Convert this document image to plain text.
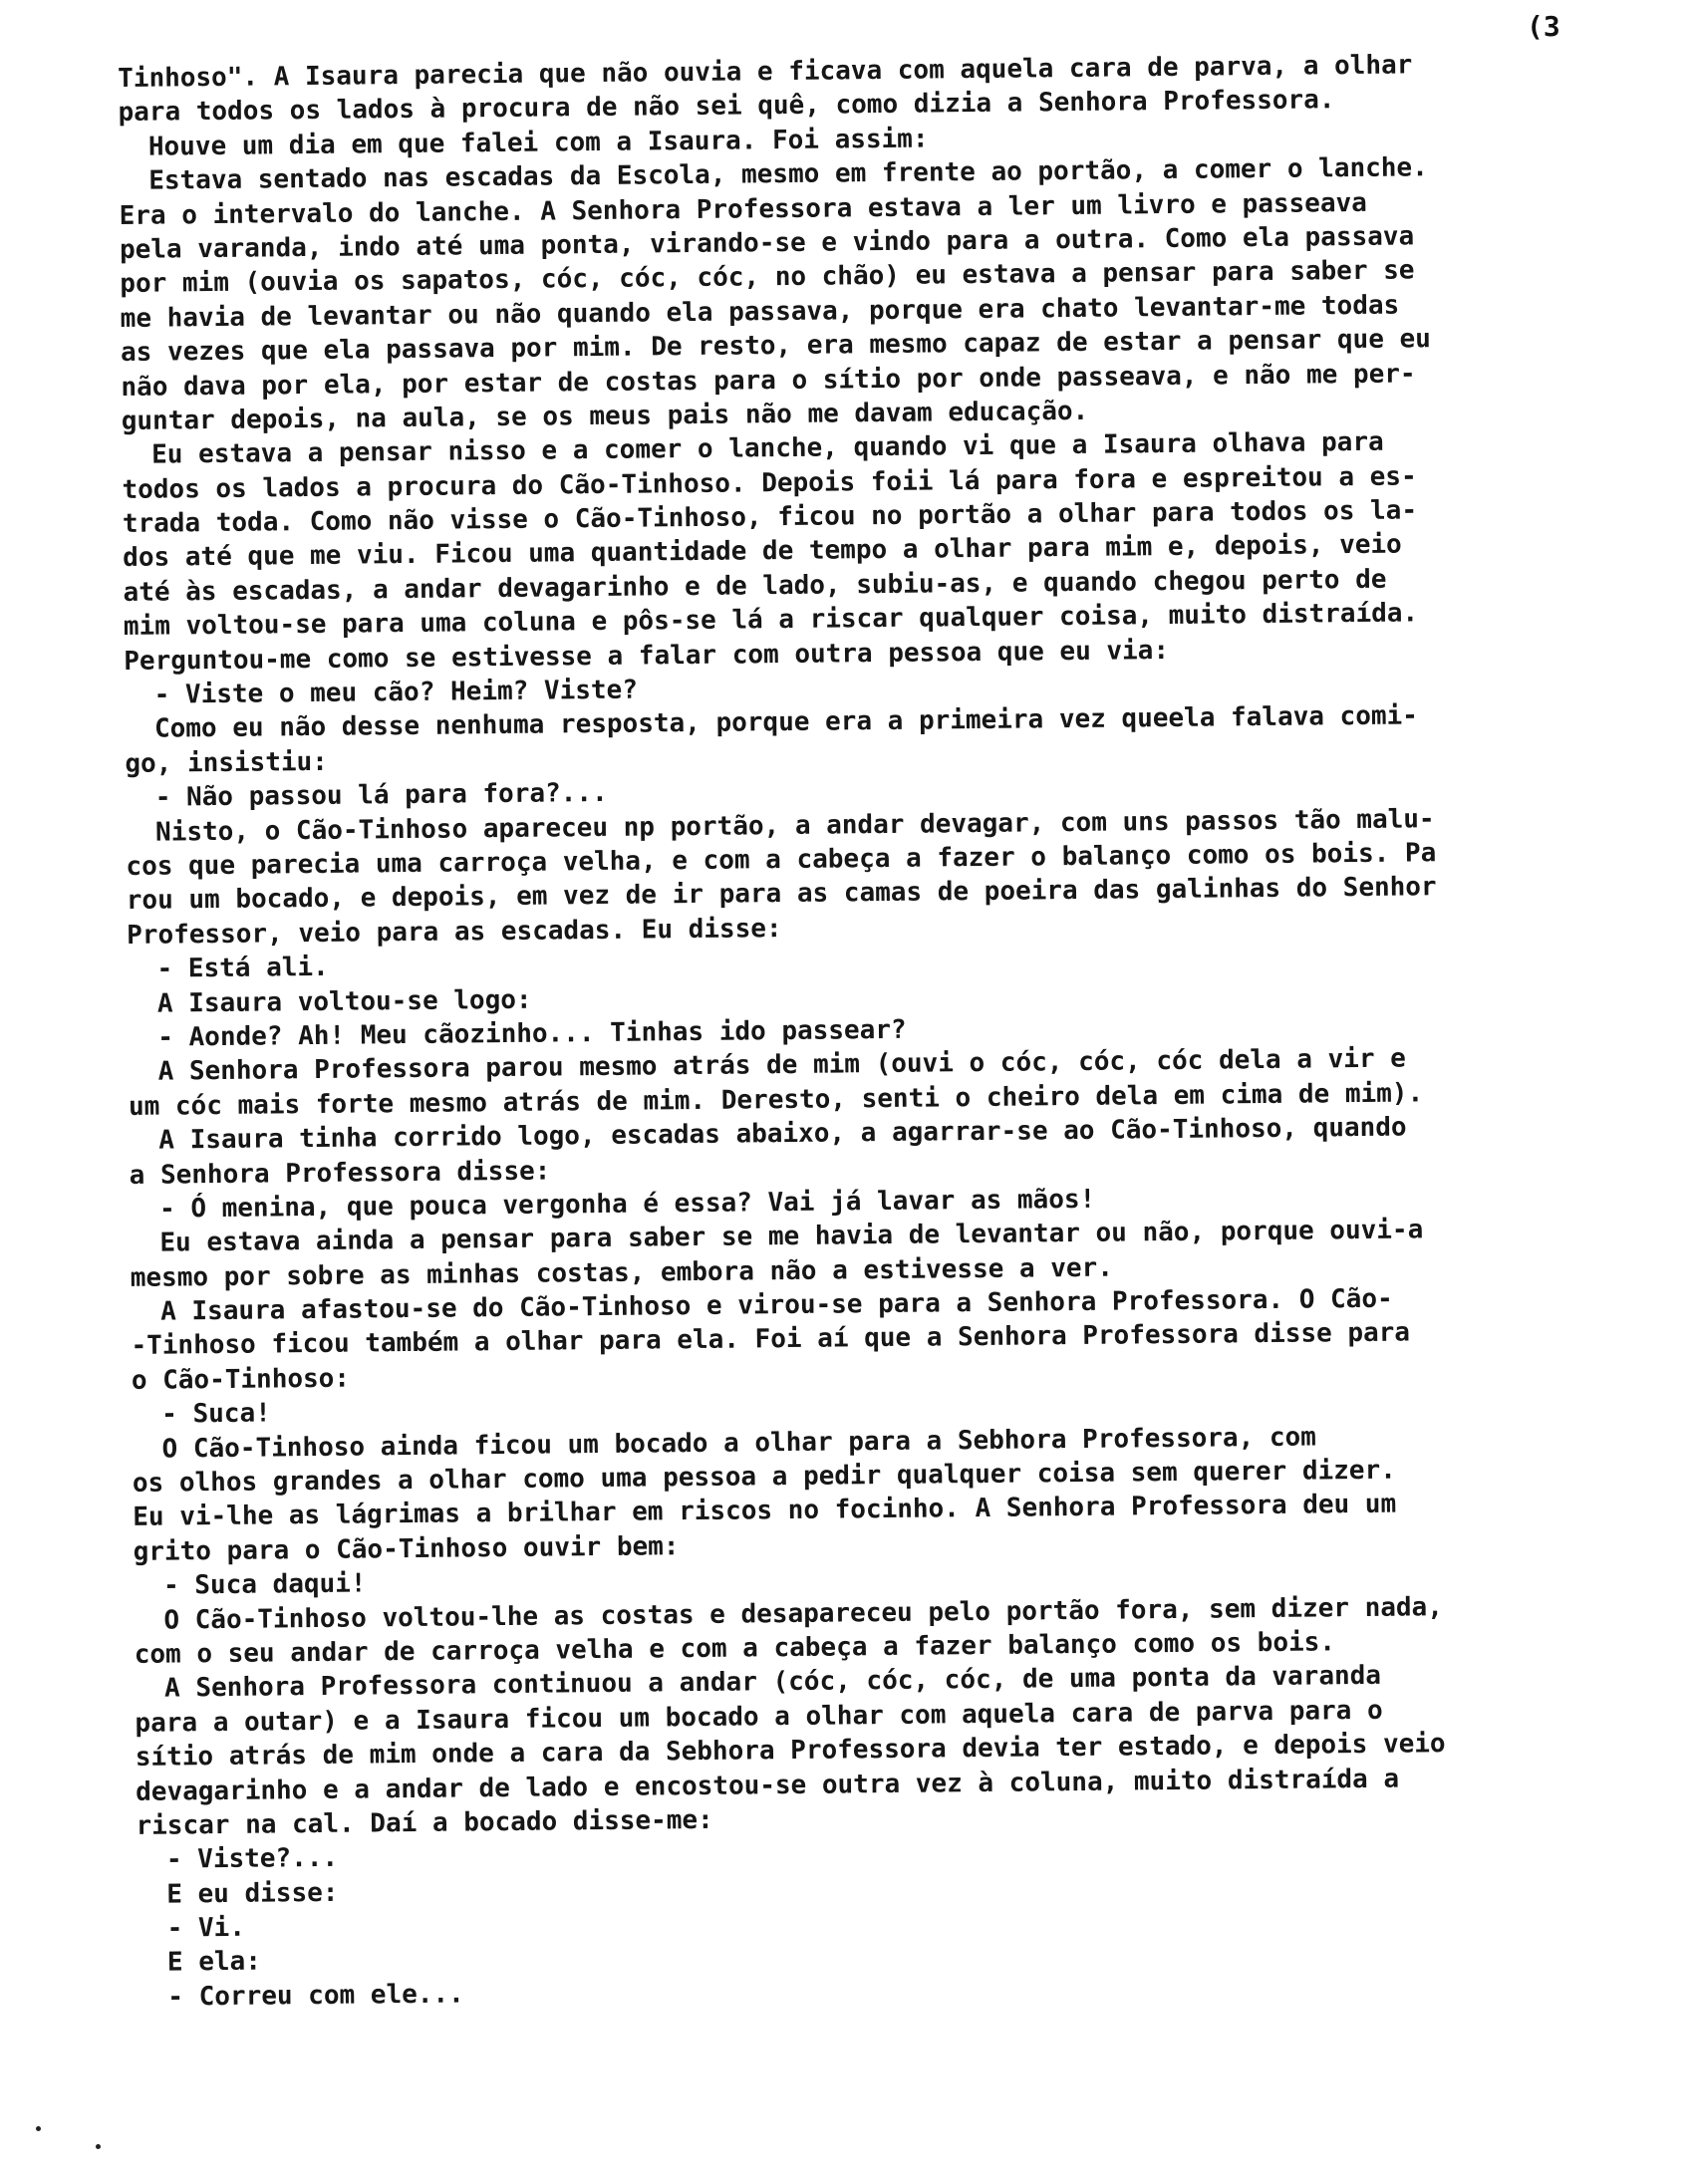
(3
Tinhoso". A Isaura parecia que não ouvia e ficava com aquela cara de parva, a olhar
para todos os lados à procura de não sei quê, como dizia a Senhora Professora.
Houve um dia em que falei com a Isaura. Foi assim:
Estava sentado nas escadas da Escola, mesmo em frente ao portão, a comer o lanche.
Era o intervalo do lanche. A Senhora Professora estava a ler um livro e passeava
pela varanda, indo até uma ponta, virando-se e vindo para a outra. Como ela passava
por mim (ouvia os sapatos, cóc, cóc, cóc, no chão) eu estava a pensar para saber se
me havia de levantar ou não quando ela passava, porque era chato levantar-me todas
as vezes que ela passava por mim. De resto, era mesmo capaz de estar a pensar que eu
não dava por ela, por estar de costas para o sítio por onde passeava, e não me per-
guntar depois, na aula, se os meus pais não me davam educação.
Eu estava a pensar nisso e a comer o lanche, quando vi que a Isaura olhava para
todos os lados a procura do Cão-Tinhoso. Depois foii lá para fora e espreitou a es-
trada toda. Como não visse o Cão-Tinhoso, ficou no portão a olhar para todos os la-
dos até que me viu. Ficou uma quantidade de tempo a olhar para mim e, depois, veio
até às escadas, a andar devagarinho e de lado, subiu-as, e quando chegou perto de
mim voltou-se para uma coluna e pôs-se lá a riscar qualquer coisa, muito distraída.
Perguntou-me como se estivesse a falar com outra pessoa que eu via:
- Viste o meu cão? Heim? Viste?
Como eu não desse nenhuma resposta, porque era a primeira vez queela falava comi-
go, insistiu:
- Não passou lá para fora?...
Nisto, o Cão-Tinhoso apareceu np portão, a andar devagar, com uns passos tão malu-
cos que parecia uma carroça velha, e com a cabeça a fazer o balanço como os bois. Pa
rou um bocado, e depois, em vez de ir para as camas de poeira das galinhas do Senhor
Professor, veio para as escadas. Eu disse:
- Está ali.
A Isaura voltou-se logo:
- Aonde? Ah! Meu cãozinho... Tinhas ido passear?
A Senhora Professora parou mesmo atrás de mim (ouvi o cóc, cóc, cóc dela a vir e
um cóc mais forte mesmo atrás de mim. Deresto, senti o cheiro dela em cima de mim).
A Isaura tinha corrido logo, escadas abaixo, a agarrar-se ao Cão-Tinhoso, quando
a Senhora Professora disse:
- Ó menina, que pouca vergonha é essa? Vai já lavar as mãos!
Eu estava ainda a pensar para saber se me havia de levantar ou não, porque ouvi-a
mesmo por sobre as minhas costas, embora não a estivesse a ver.
A Isaura afastou-se do Cão-Tinhoso e virou-se para a Senhora Professora. O Cão-
-Tinhoso ficou também a olhar para ela. Foi aí que a Senhora Professora disse para
o Cão-Tinhoso:
- Suca!
O Cão-Tinhoso ainda ficou um bocado a olhar para a Sebhora Professora, com
os olhos grandes a olhar como uma pessoa a pedir qualquer coisa sem querer dizer.
Eu vi-lhe as lágrimas a brilhar em riscos no focinho. A Senhora Professora deu um
grito para o Cão-Tinhoso ouvir bem:
- Suca daqui!
O Cão-Tinhoso voltou-lhe as costas e desapareceu pelo portão fora, sem dizer nada,
com o seu andar de carroça velha e com a cabeça a fazer balanço como os bois.
A Senhora Professora continuou a andar (cóc, cóc, cóc, de uma ponta da varanda
para a outar) e a Isaura ficou um bocado a olhar com aquela cara de parva para o
sítio atrás de mim onde a cara da Sebhora Professora devia ter estado, e depois veio
devagarinho e a andar de lado e encostou-se outra vez à coluna, muito distraída a
riscar na cal. Daí a bocado disse-me:
- Viste?...
E eu disse:
- Vi.
E ela:
- Correu com ele...
